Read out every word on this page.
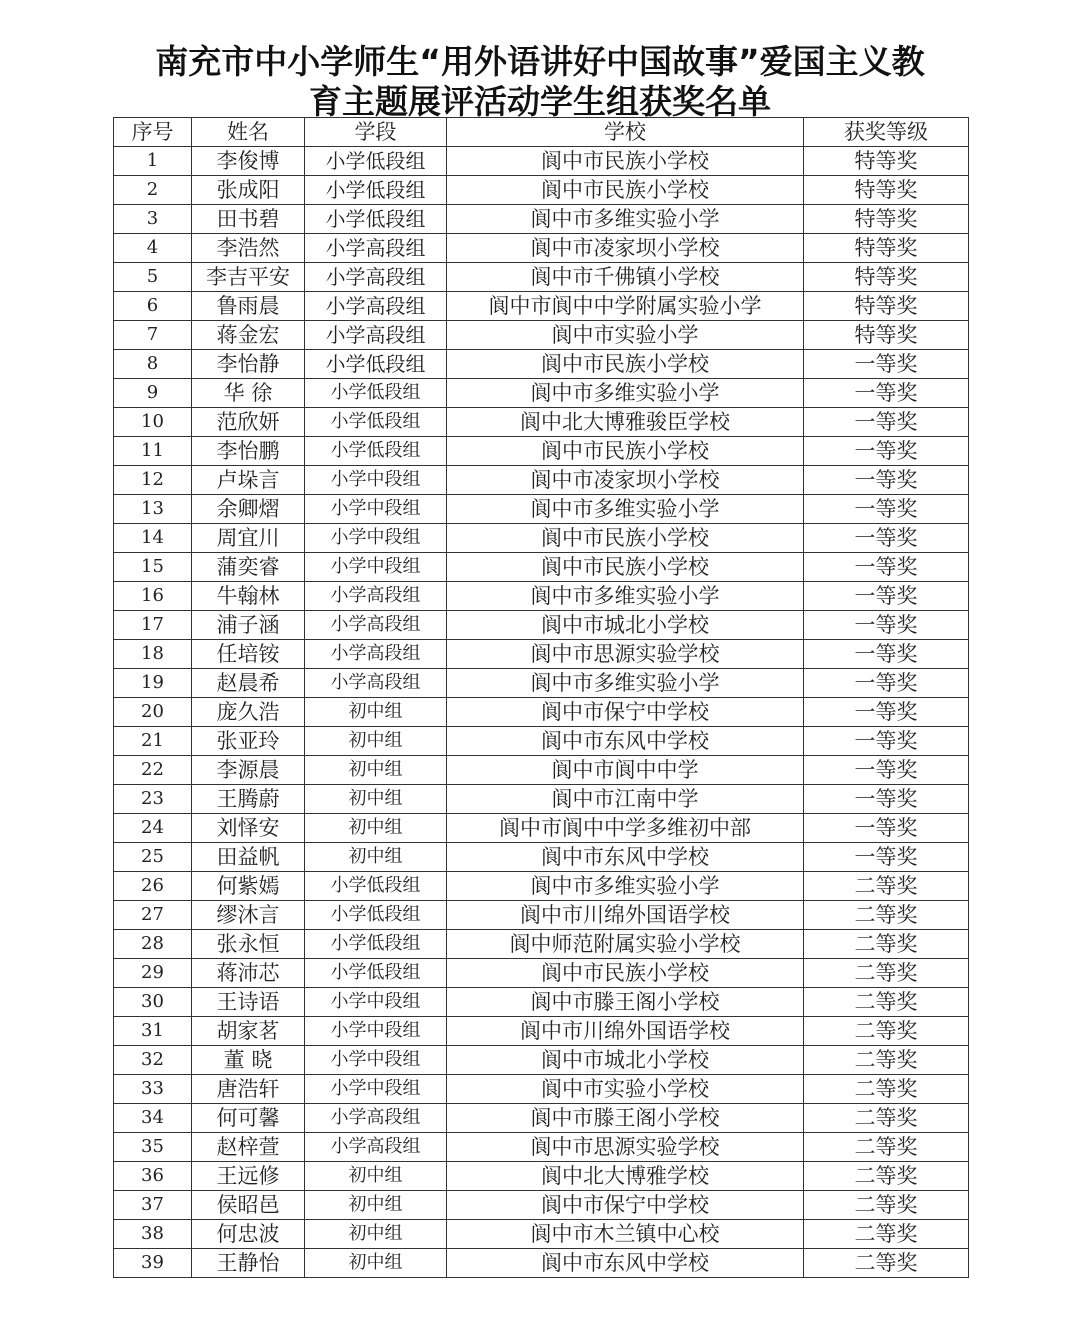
南充市中小学师生“用外语讲好中国故事”爱国主义教
育主题展评活动学生组获奖名单
序号	姓名	学段	学校	获奖等级
1	李俊博	小学低段组	阆中市民族小学校	特等奖
2	张成阳	小学低段组	阆中市民族小学校	特等奖
3	田书碧	小学低段组	阆中市多维实验小学	特等奖
4	李浩然	小学高段组	阆中市凌家坝小学校	特等奖
5	李吉平安	小学高段组	阆中市千佛镇小学校	特等奖
6	鲁雨晨	小学高段组	阆中市阆中中学附属实验小学	特等奖
7	蒋金宏	小学高段组	阆中市实验小学	特等奖
8	李怡静	小学低段组	阆中市民族小学校	一等奖
9	华 徐	小学低段组	阆中市多维实验小学	一等奖
10	范欣妍	小学低段组	阆中北大博雅骏臣学校	一等奖
11	李怡鹏	小学低段组	阆中市民族小学校	一等奖
12	卢垛言	小学中段组	阆中市凌家坝小学校	一等奖
13	余卿熠	小学中段组	阆中市多维实验小学	一等奖
14	周宜川	小学中段组	阆中市民族小学校	一等奖
15	蒲奕睿	小学中段组	阆中市民族小学校	一等奖
16	牛翰林	小学高段组	阆中市多维实验小学	一等奖
17	浦子涵	小学高段组	阆中市城北小学校	一等奖
18	任培铵	小学高段组	阆中市思源实验学校	一等奖
19	赵晨希	小学高段组	阆中市多维实验小学	一等奖
20	庞久浩	初中组	阆中市保宁中学校	一等奖
21	张亚玲	初中组	阆中市东风中学校	一等奖
22	李源晨	初中组	阆中市阆中中学	一等奖
23	王腾蔚	初中组	阆中市江南中学	一等奖
24	刘怿安	初中组	阆中市阆中中学多维初中部	一等奖
25	田益帆	初中组	阆中市东风中学校	一等奖
26	何紫嫣	小学低段组	阆中市多维实验小学	二等奖
27	缪沐言	小学低段组	阆中市川绵外国语学校	二等奖
28	张永恒	小学低段组	阆中师范附属实验小学校	二等奖
29	蒋沛芯	小学低段组	阆中市民族小学校	二等奖
30	王诗语	小学中段组	阆中市滕王阁小学校	二等奖
31	胡家茗	小学中段组	阆中市川绵外国语学校	二等奖
32	董 晓	小学中段组	阆中市城北小学校	二等奖
33	唐浩轩	小学中段组	阆中市实验小学校	二等奖
34	何可馨	小学高段组	阆中市滕王阁小学校	二等奖
35	赵梓萱	小学高段组	阆中市思源实验学校	二等奖
36	王远修	初中组	阆中北大博雅学校	二等奖
37	侯昭邑	初中组	阆中市保宁中学校	二等奖
38	何忠波	初中组	阆中市木兰镇中心校	二等奖
39	王静怡	初中组	阆中市东风中学校	二等奖
